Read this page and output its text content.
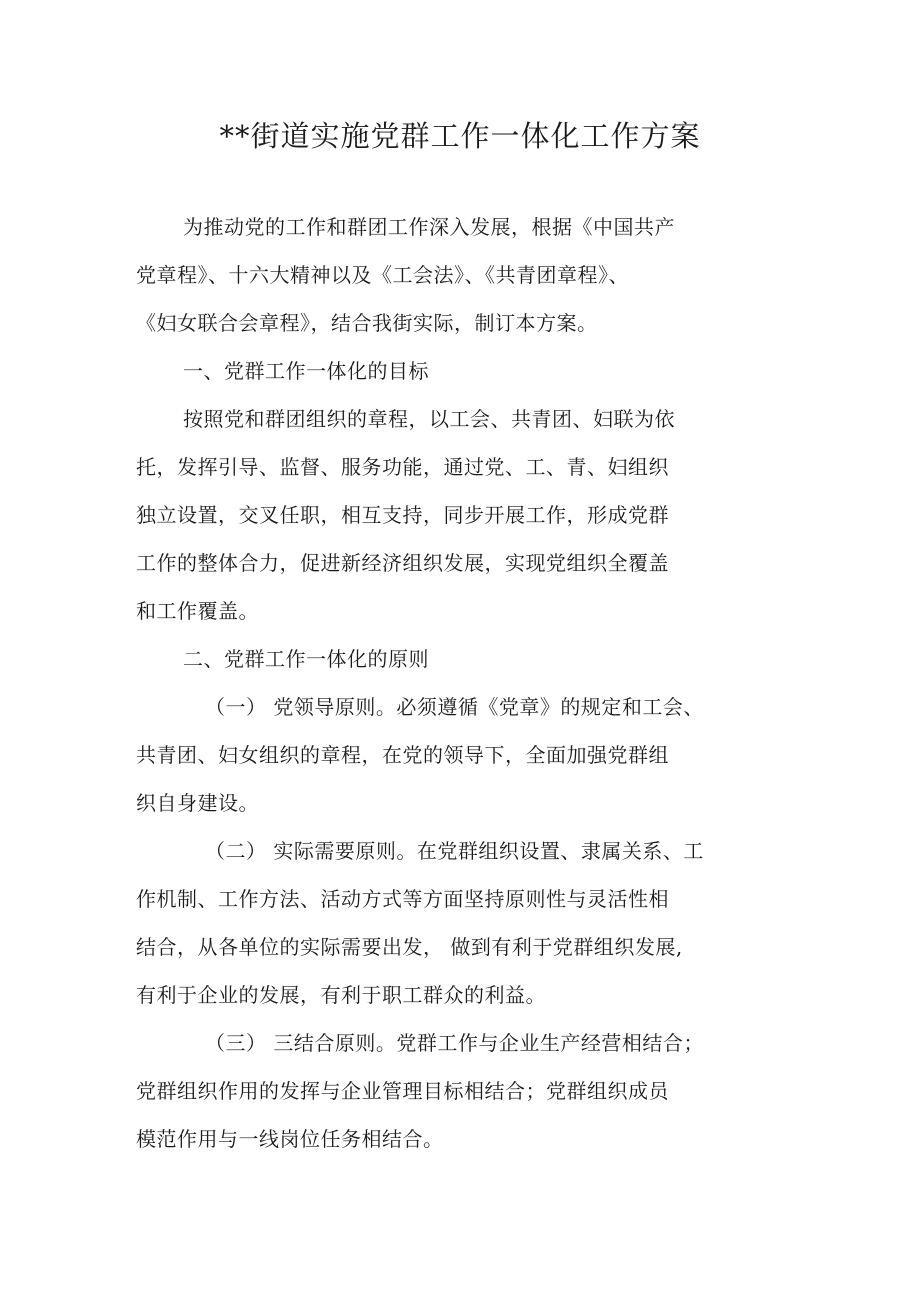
**街道实施党群工作一体化工作方案
为推动党的工作和群团工作深入发展，根据《中国共产
党章程》、十六大精神以及《工会法》、《共青团章程》、
《妇女联合会章程》，结合我街实际，制订本方案。
一、党群工作一体化的目标
按照党和群团组织的章程，以工会、共青团、妇联为依
托，发挥引导、监督、服务功能，通过党、工、青、妇组织
独立设置，交叉任职，相互支持，同步开展工作，形成党群
工作的整体合力，促进新经济组织发展，实现党组织全覆盖
和工作覆盖。
二、党群工作一体化的原则
（一） 党领导原则。必须遵循《党章》的规定和工会、
共青团、妇女组织的章程，在党的领导下，全面加强党群组
织自身建设。
（二） 实际需要原则。在党群组织设置、隶属关系、工
作机制、工作方法、活动方式等方面坚持原则性与灵活性相
结合，从各单位的实际需要出发， 做到有利于党群组织发展,
有利于企业的发展，有利于职工群众的利益。
（三） 三结合原则。党群工作与企业生产经营相结合；
党群组织作用的发挥与企业管理目标相结合；党群组织成员
模范作用与一线岗位任务相结合。
